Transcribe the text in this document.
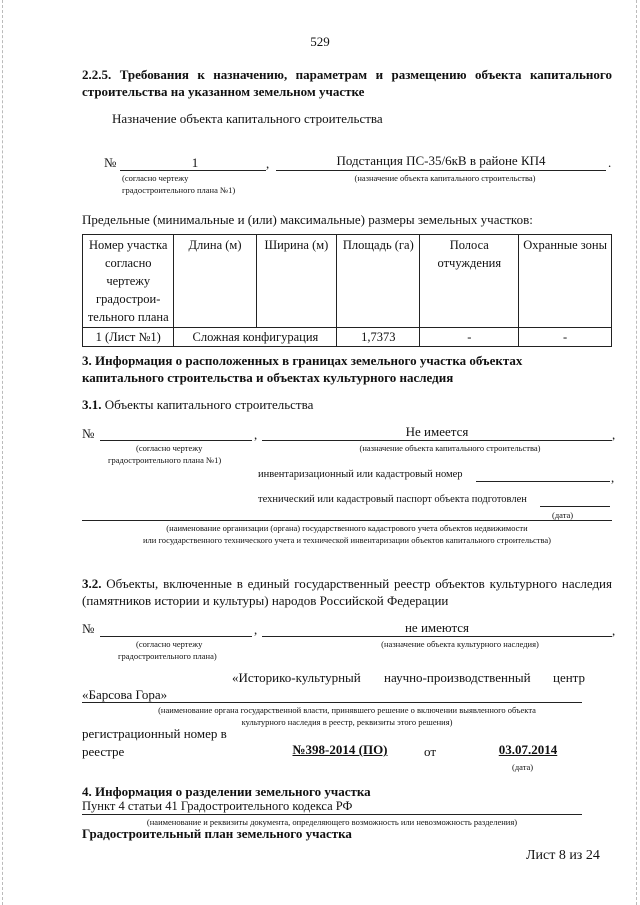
529
2.2.5. Требования к назначению, параметрам и размещению объекта капитального строительства на указанном земельном участке
Назначение объекта капитального строительства
№	1	,	Подстанция ПС-35/6кВ в районе КП4	.
(согласно чертежу
градостроительного плана №1)
(назначение объекта капитального строительства)
Предельные (минимальные и (или) максимальные) размеры земельных участков:
Номер участка согласно чертежу градострои- тельного плана	Длина (м)	Ширина (м)	Площадь (га)	Полоса отчуждения	Охранные зоны
1 (Лист №1)	Сложная конфигурация		1,7373	-	-
3. Информация о расположенных в границах земельного участка объектах капитального строительства и объектах культурного наследия
3.1. Объекты капитального строительства
№	,	Не имеется	,
(согласно чертежу
градостроительного плана №1)
(назначение объекта капитального строительства)
инвентаризационный или кадастровый номер	,
технический или кадастровый паспорт объекта подготовлен
(дата)
(наименование организации (органа) государственного кадастрового учета объектов недвижимости
или государственного технического учета и технической инвентаризации объектов капитального строительства)
3.2. Объекты, включенные в единый государственный реестр объектов культурного наследия (памятников истории и культуры) народов Российской Федерации
№	,	не имеются	,
(согласно чертежу
градостроительного плана)
(назначение объекта культурного наследия)
«Историко-культурный научно-производственный центр
«Барсова Гора»
(наименование органа государственной власти, принявшего решение о включении выявленного объекта
культурного наследия в реестр, реквизиты этого решения)
регистрационный номер в
реестре	№398-2014 (ПО)	от	03.07.2014
(дата)
4. Информация о разделении земельного участка
Пункт 4 статьи 41 Градостроительного кодекса РФ
(наименование и реквизиты документа, определяющего возможность или невозможность разделения)
Градостроительный план земельного участка
Лист 8 из 24
